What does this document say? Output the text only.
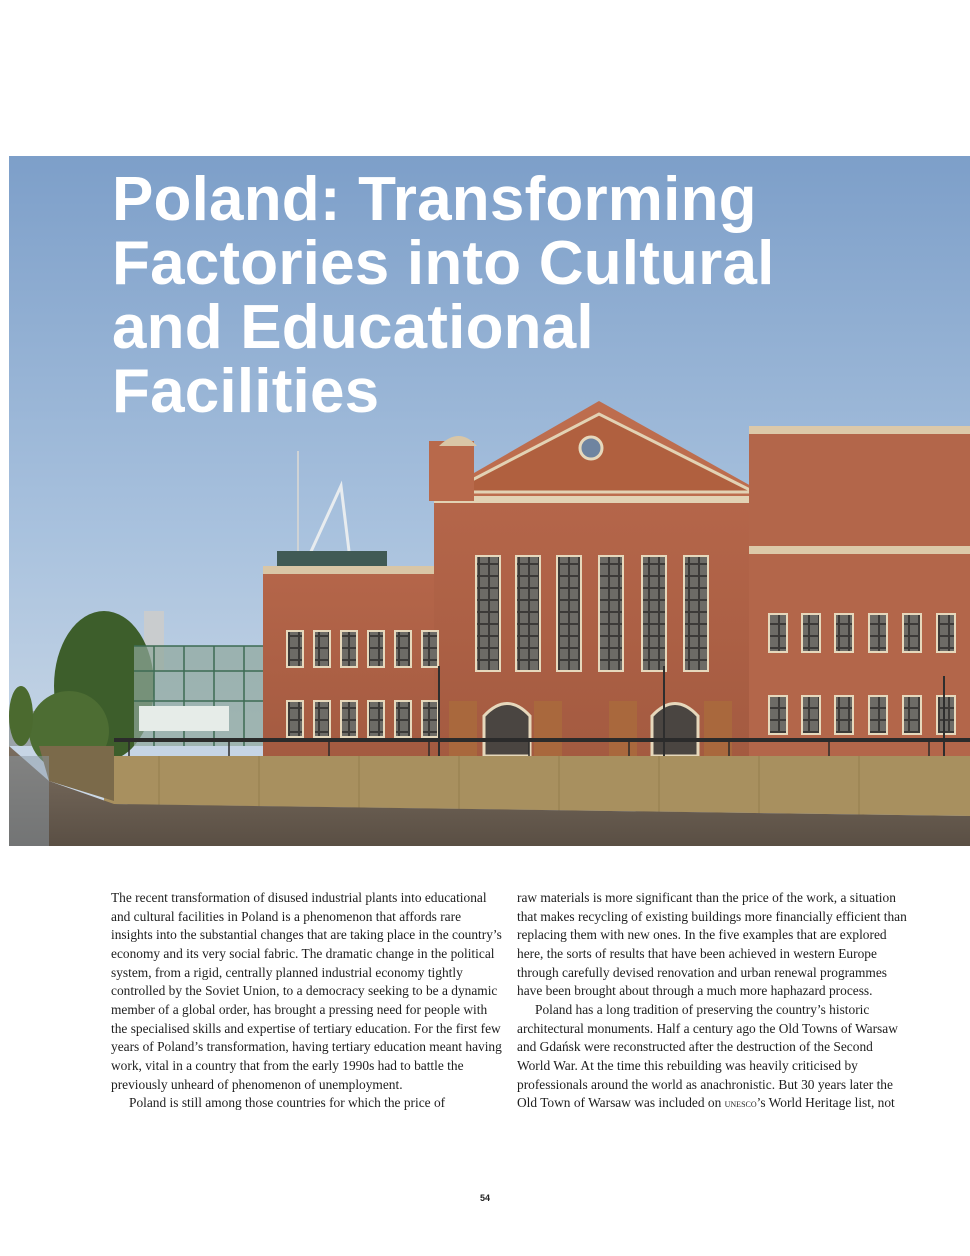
Poland: Transforming
Factories into Cultural
and Educational
Facilities

The recent transformation of disused industrial plants into educational and cultural facilities in Poland is a phenomenon that affords rare insights into the substantial changes that are taking place in the country’s economy and its very social fabric. The dramatic change in the political system, from a rigid, centrally planned industrial economy tightly controlled by the Soviet Union, to a democracy seeking to be a dynamic member of a global order, has brought a pressing need for people with the specialised skills and expertise of tertiary education. For the first few years of Poland’s transformation, having tertiary education meant having work, vital in a country that from the early 1990s had to battle the previously unheard of phenomenon of unemployment.

Poland is still among those countries for which the price of

raw materials is more significant than the price of the work, a situation that makes recycling of existing buildings more financially efficient than replacing them with new ones. In the five examples that are explored here, the sorts of results that have been achieved in western Europe through carefully devised renovation and urban renewal programmes have been brought about through a much more haphazard process.

Poland has a long tradition of preserving the country’s historic architectural monuments. Half a century ago the Old Towns of Warsaw and Gdańsk were reconstructed after the destruction of the Second World War. At the time this rebuilding was heavily criticised by professionals around the world as anachronistic. But 30 years later the Old Town of Warsaw was included on unesco’s World Heritage list, not

54
